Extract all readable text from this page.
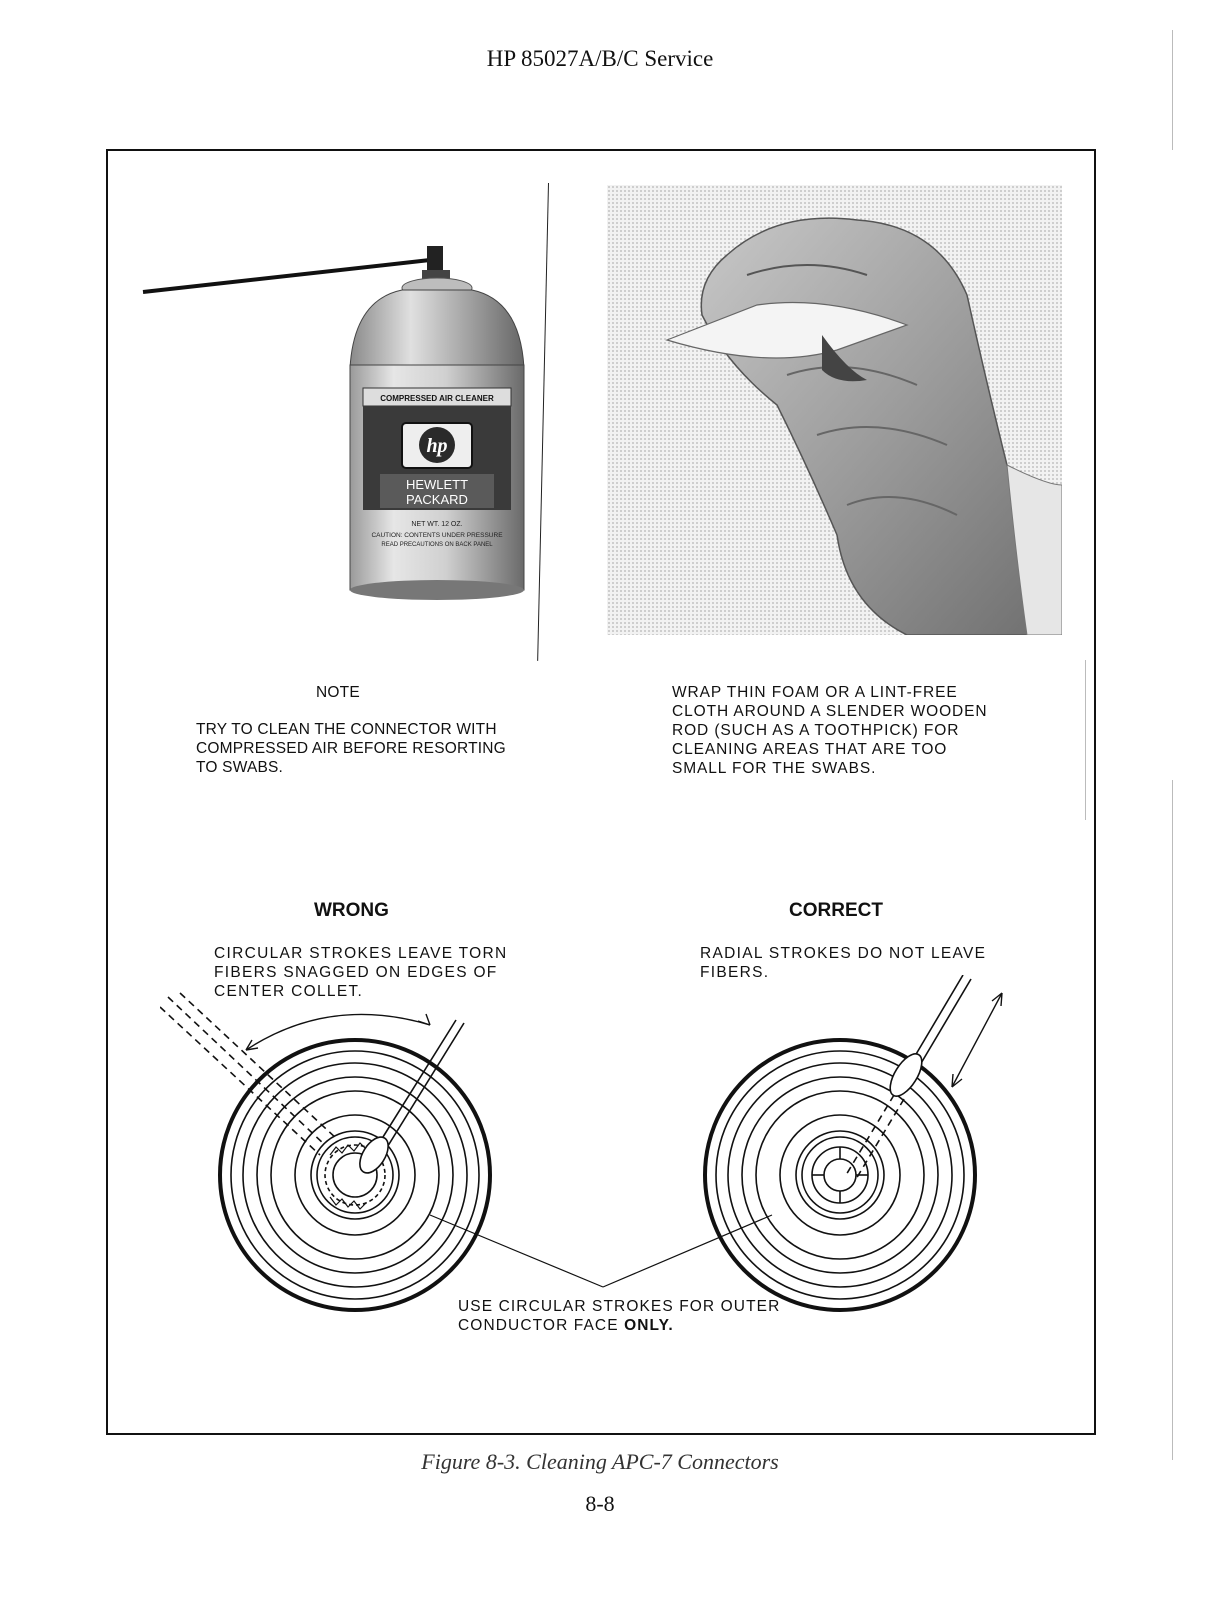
HP 85027A/B/C Service
COMPRESSED AIR CLEANER
hp
HEWLETT
PACKARD
NET WT. 12 OZ.
CAUTION: CONTENTS UNDER PRESSURE
READ PRECAUTIONS ON BACK PANEL
NOTE
TRY TO CLEAN THE CONNECTOR WITH
COMPRESSED AIR BEFORE RESORTING
TO SWABS.
WRAP THIN FOAM OR A LINT-FREE
CLOTH AROUND A SLENDER WOODEN
ROD (SUCH AS A TOOTHPICK) FOR
CLEANING AREAS THAT ARE TOO
SMALL FOR THE SWABS.
WRONG	CORRECT
CIRCULAR STROKES LEAVE TORN
FIBERS SNAGGED ON EDGES OF
CENTER COLLET.
RADIAL STROKES DO NOT LEAVE
FIBERS.
USE CIRCULAR STROKES FOR OUTER
CONDUCTOR FACE ONLY.
Figure 8-3. Cleaning APC-7 Connectors
8-8
